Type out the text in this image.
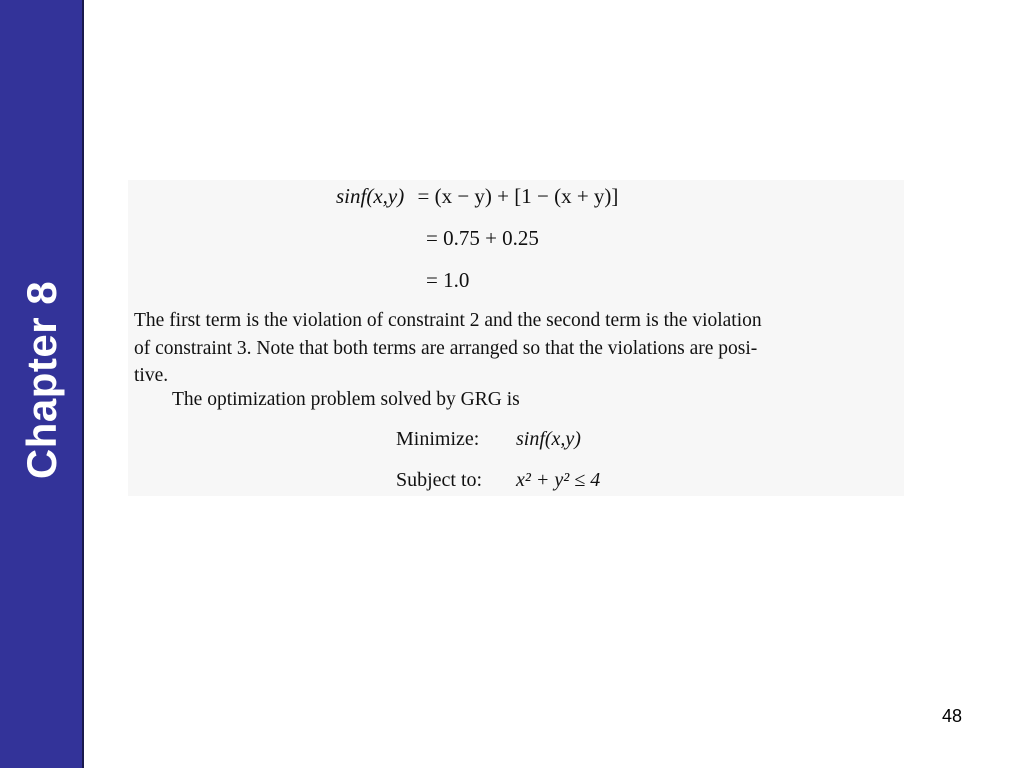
Chapter 8
sinf(x,y) = (x − y) + [1 − (x + y)]
= 0.75 + 0.25
= 1.0
The first term is the violation of constraint 2 and the second term is the violation
of constraint 3. Note that both terms are arranged so that the violations are posi-
tive.
The optimization problem solved by GRG is
Minimize: sinf(x,y)
Subject to: x² + y² ≤ 4
48
